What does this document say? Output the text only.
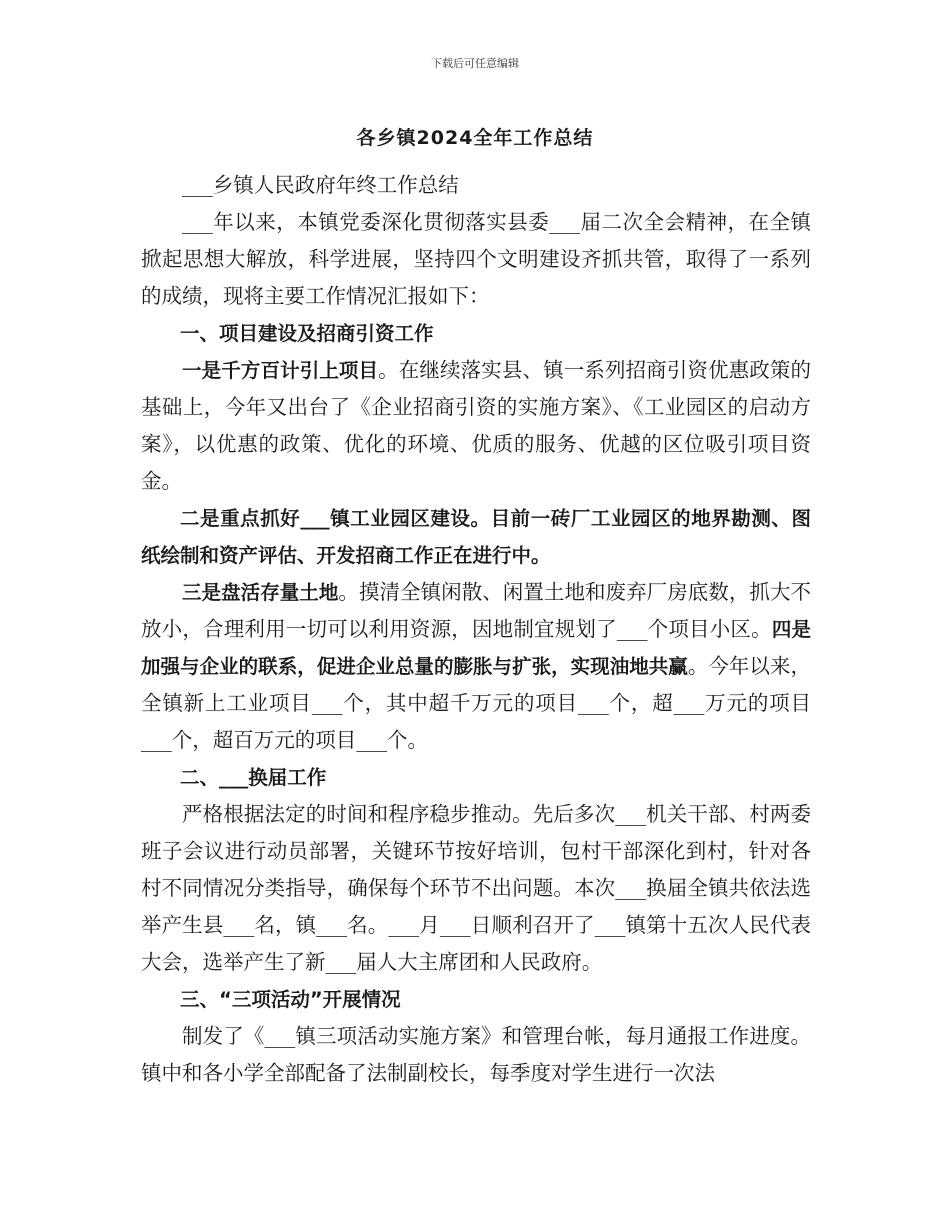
下载后可任意编辑
各乡镇2024全年工作总结

___乡镇人民政府年终工作总结

___年以来，本镇党委深化贯彻落实县委___届二次全会精神，在全镇掀起思想大解放，科学进展，坚持四个文明建设齐抓共管，取得了一系列的成绩，现将主要工作情况汇报如下：

一、项目建设及招商引资工作

一是千方百计引上项目。在继续落实县、镇一系列招商引资优惠政策的基础上，今年又出台了《企业招商引资的实施方案》、《工业园区的启动方案》，以优惠的政策、优化的环境、优质的服务、优越的区位吸引项目资金。

二是重点抓好___镇工业园区建设。目前一砖厂工业园区的地界勘测、图纸绘制和资产评估、开发招商工作正在进行中。

三是盘活存量土地。摸清全镇闲散、闲置土地和废弃厂房底数，抓大不放小，合理利用一切可以利用资源，因地制宜规划了___个项目小区。四是加强与企业的联系，促进企业总量的膨胀与扩张，实现油地共赢。今年以来，全镇新上工业项目___个，其中超千万元的项目___个，超___万元的项目___个，超百万元的项目___个。

二、___换届工作

严格根据法定的时间和程序稳步推动。先后多次___机关干部、村两委班子会议进行动员部署，关键环节按好培训，包村干部深化到村，针对各村不同情况分类指导，确保每个环节不出问题。本次___换届全镇共依法选举产生县___名，镇___名。___月___日顺利召开了___镇第十五次人民代表大会，选举产生了新___届人大主席团和人民政府。

三、“三项活动”开展情况

制发了《___镇三项活动实施方案》和管理台帐，每月通报工作进度。镇中和各小学全部配备了法制副校长，每季度对学生进行一次法
